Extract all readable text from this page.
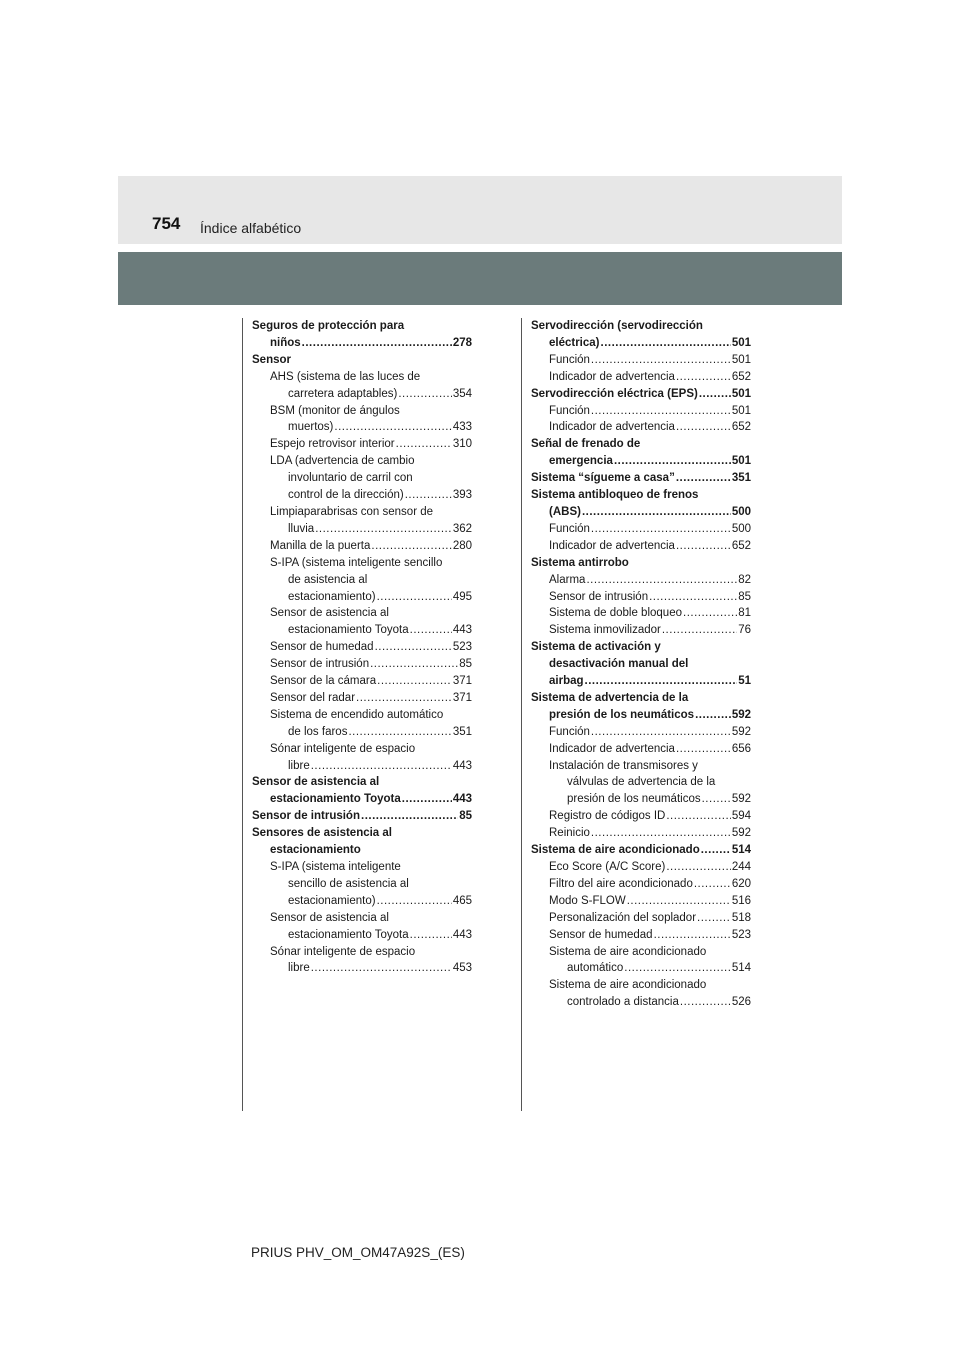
754 Índice alfabético
Seguros de protección para
niños .....	278
Sensor
AHS (sistema de las luces de
carretera adaptables) .....	354
BSM (monitor de ángulos
muertos) .....	433
Espejo retrovisor interior .....	310
LDA (advertencia de cambio
involuntario de carril con
control de la dirección) .....	393
Limpiaparabrisas con sensor de
lluvia .....	362
Manilla de la puerta .....	280
S-IPA (sistema inteligente sencillo
de asistencia al
estacionamiento) .....	495
Sensor de asistencia al
estacionamiento Toyota .....	443
Sensor de humedad .....	523
Sensor de intrusión .....	85
Sensor de la cámara .....	371
Sensor del radar .....	371
Sistema de encendido automático
de los faros .....	351
Sónar inteligente de espacio
libre .....	443
Sensor de asistencia al
estacionamiento Toyota .....	443
Sensor de intrusión .....	85
Sensores de asistencia al
estacionamiento
S-IPA (sistema inteligente
sencillo de asistencia al
estacionamiento) .....	465
Sensor de asistencia al
estacionamiento Toyota .....	443
Sónar inteligente de espacio
libre .....	453
Servodirección (servodirección
eléctrica) .....	501
Función .....	501
Indicador de advertencia .....	652
Servodirección eléctrica (EPS) .....	501
Función .....	501
Indicador de advertencia .....	652
Señal de frenado de
emergencia .....	501
Sistema “sígueme a casa” .....	351
Sistema antibloqueo de frenos
(ABS) .....	500
Función .....	500
Indicador de advertencia .....	652
Sistema antirrobo
Alarma .....	82
Sensor de intrusión .....	85
Sistema de doble bloqueo .....	81
Sistema inmovilizador .....	76
Sistema de activación y
desactivación manual del
airbag .....	51
Sistema de advertencia de la
presión de los neumáticos .....	592
Función .....	592
Indicador de advertencia .....	656
Instalación de transmisores y
válvulas de advertencia de la
presión de los neumáticos .....	592
Registro de códigos ID .....	594
Reinicio .....	592
Sistema de aire acondicionado .....	514
Eco Score (A/C Score) .....	244
Filtro del aire acondicionado .....	620
Modo S-FLOW .....	516
Personalización del soplador .....	518
Sensor de humedad .....	523
Sistema de aire acondicionado
automático .....	514
Sistema de aire acondicionado
controlado a distancia .....	526
PRIUS PHV_OM_OM47A92S_(ES)
